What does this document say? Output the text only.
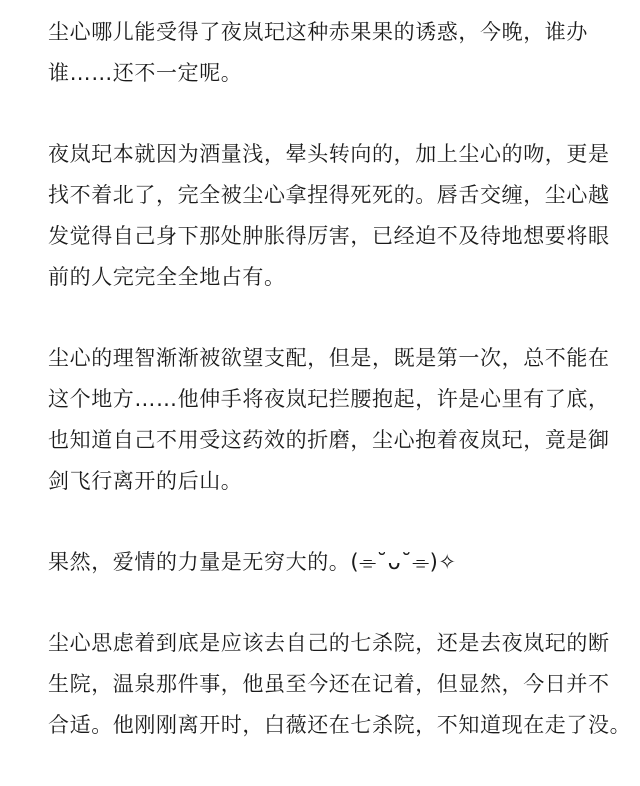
尘心哪儿能受得了夜岚玘这种赤果果的诱惑，今晚，谁办
谁……还不一定呢。
夜岚玘本就因为酒量浅，晕头转向的，加上尘心的吻，更是
找不着北了，完全被尘心拿捏得死死的。唇舌交缠，尘心越
发觉得自己身下那处肿胀得厉害，已经迫不及待地想要将眼
前的人完完全全地占有。
尘心的理智渐渐被欲望支配，但是，既是第一次，总不能在
这个地方……他伸手将夜岚玘拦腰抱起，许是心里有了底，
也知道自己不用受这药效的折磨，尘心抱着夜岚玘，竟是御
剑飞行离开的后山。
果然，爱情的力量是无穷大的。(⌯˘ᴗ˘⌯)✧
尘心思虑着到底是应该去自己的七杀院，还是去夜岚玘的断
生院，温泉那件事，他虽至今还在记着，但显然，今日并不
合适。他刚刚离开时，白薇还在七杀院，不知道现在走了没。
